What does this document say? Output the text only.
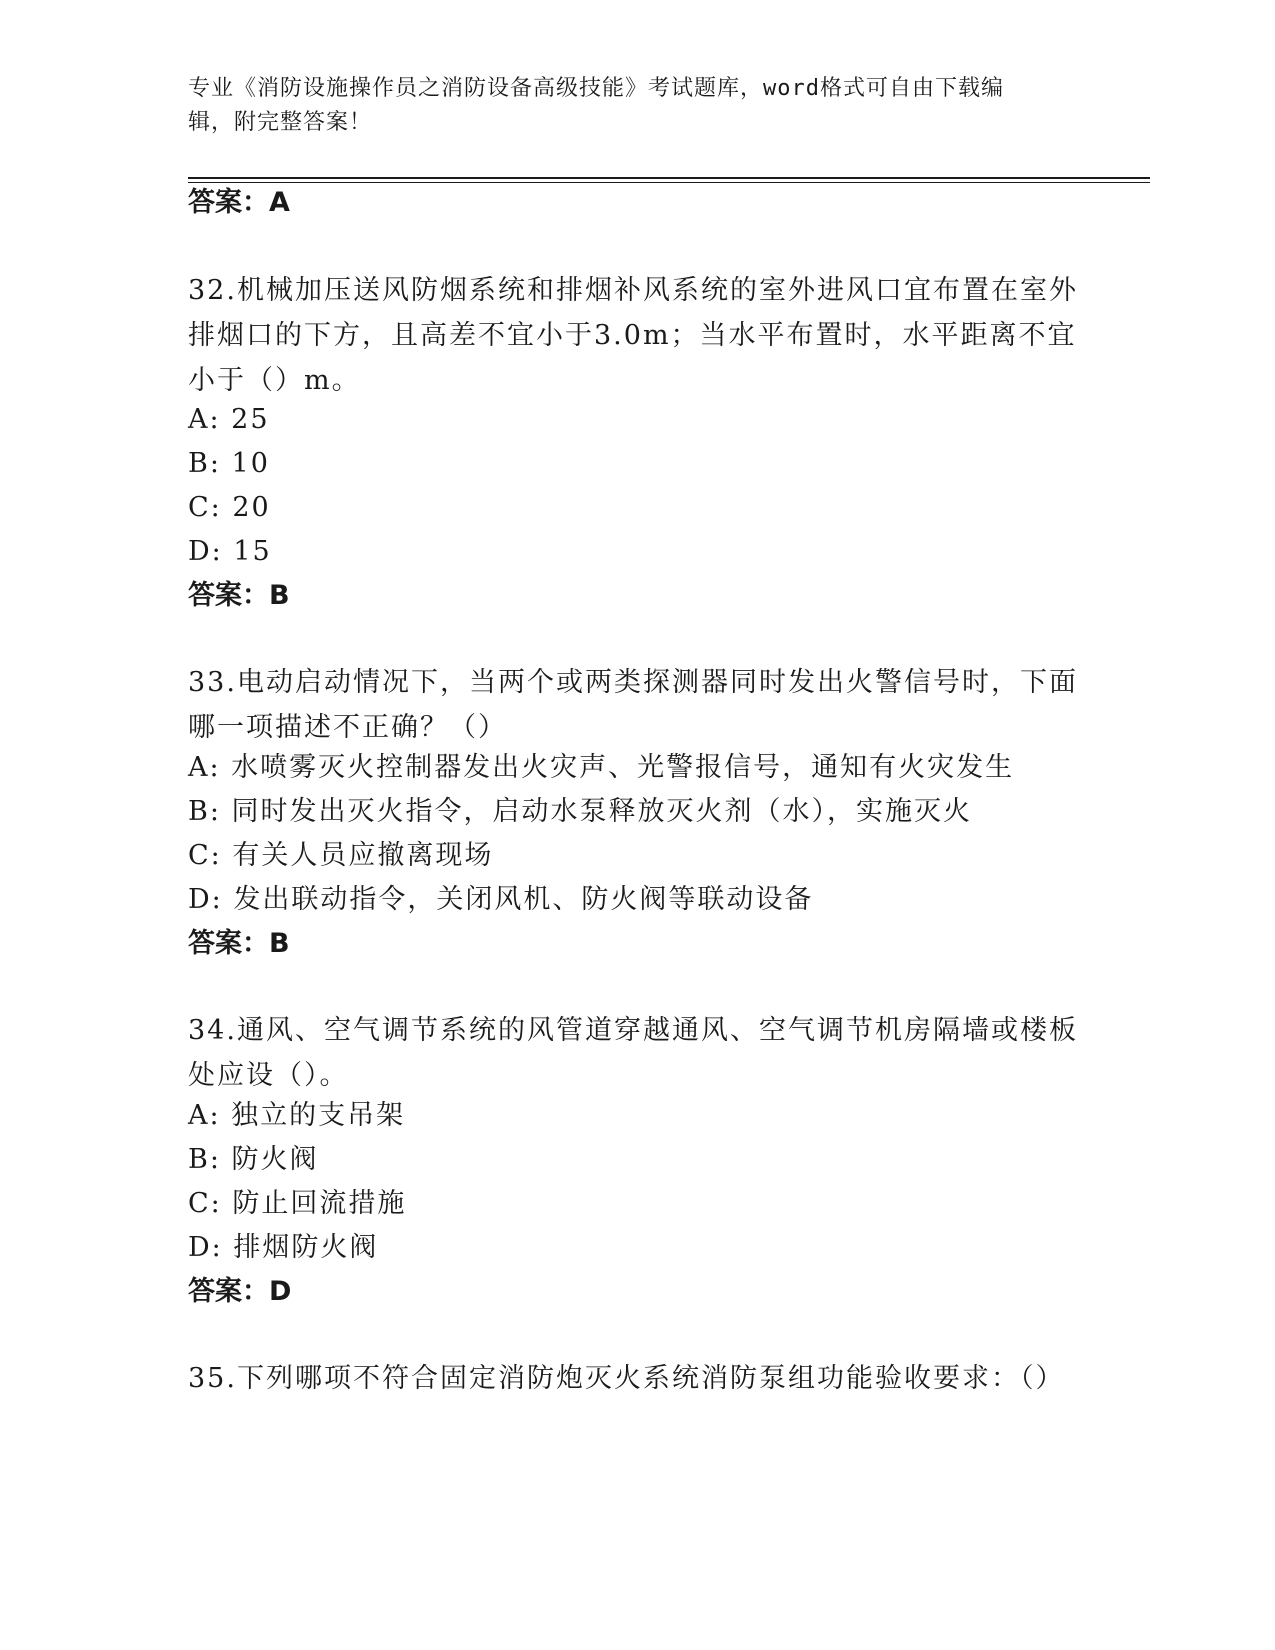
专业《消防设施操作员之消防设备高级技能》考试题库，word格式可自由下载编
辑，附完整答案！
答案：A
32.机械加压送风防烟系统和排烟补风系统的室外进风口宜布置在室外排烟口的下方，且高差不宜小于3.0m；当水平布置时，水平距离不宜小于（）m。
A: 25
B: 10
C: 20
D: 15
答案：B
33.电动启动情况下，当两个或两类探测器同时发出火警信号时，下面哪一项描述不正确？（）
A: 水喷雾灭火控制器发出火灾声、光警报信号，通知有火灾发生
B: 同时发出灭火指令，启动水泵释放灭火剂（水），实施灭火
C: 有关人员应撤离现场
D: 发出联动指令，关闭风机、防火阀等联动设备
答案：B
34.通风、空气调节系统的风管道穿越通风、空气调节机房隔墙或楼板处应设（）。
A: 独立的支吊架
B: 防火阀
C: 防止回流措施
D: 排烟防火阀
答案：D
35.下列哪项不符合固定消防炮灭火系统消防泵组功能验收要求：（）
